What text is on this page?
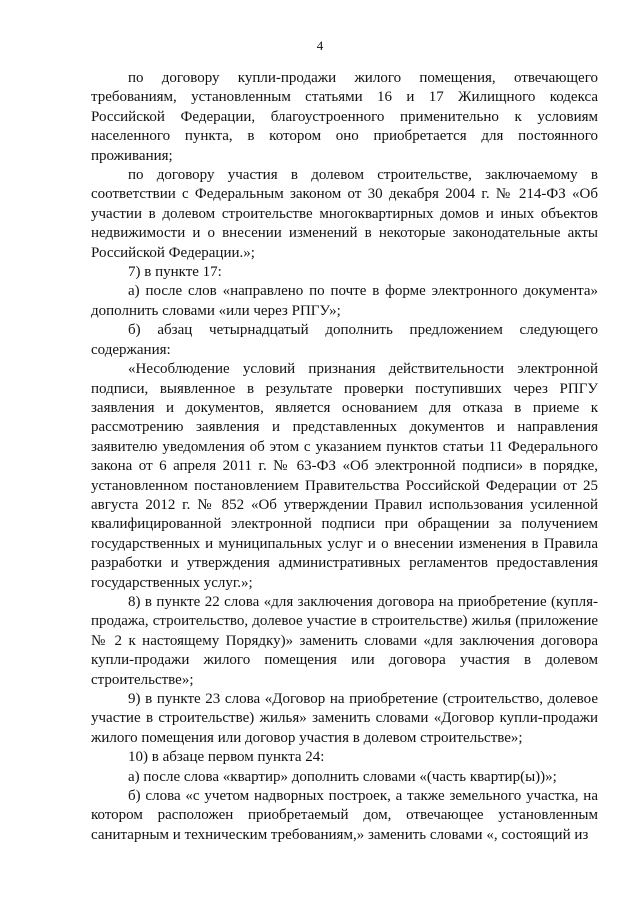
4

по договору купли-продажи жилого помещения, отвечающего требованиям, установленным статьями 16 и 17 Жилищного кодекса Российской Федерации, благоустроенного применительно к условиям населенного пункта, в котором оно приобретается для постоянного проживания;

по договору участия в долевом строительстве, заключаемому в соответствии с Федеральным законом от 30 декабря 2004 г. № 214-ФЗ «Об участии в долевом строительстве многоквартирных домов и иных объектов недвижимости и о внесении изменений в некоторые законодательные акты Российской Федерации.»;

7) в пункте 17:

а) после слов «направлено по почте в форме электронного документа» дополнить словами «или через РПГУ»;

б) абзац четырнадцатый дополнить предложением следующего содержания:

«Несоблюдение условий признания действительности электронной подписи, выявленное в результате проверки поступивших через РПГУ заявления и документов, является основанием для отказа в приеме к рассмотрению заявления и представленных документов и направления заявителю уведомления об этом с указанием пунктов статьи 11 Федерального закона от 6 апреля 2011 г. № 63-ФЗ «Об электронной подписи» в порядке, установленном постановлением Правительства Российской Федерации от 25 августа 2012 г. № 852 «Об утверждении Правил использования усиленной квалифицированной электронной подписи при обращении за получением государственных и муниципальных услуг и о внесении изменения в Правила разработки и утверждения административных регламентов предоставления государственных услуг.»;

8) в пункте 22 слова «для заключения договора на приобретение (купля-продажа, строительство, долевое участие в строительстве) жилья (приложение № 2 к настоящему Порядку)» заменить словами «для заключения договора купли-продажи жилого помещения или договора участия в долевом строительстве»;

9) в пункте 23 слова «Договор на приобретение (строительство, долевое участие в строительстве) жилья» заменить словами «Договор купли-продажи жилого помещения или договор участия в долевом строительстве»;

10) в абзаце первом пункта 24:

а) после слова «квартир» дополнить словами «(часть квартир(ы))»;

б) слова «с учетом надворных построек, а также земельного участка, на котором расположен приобретаемый дом, отвечающее установленным санитарным и техническим требованиям,» заменить словами «, состоящий из
